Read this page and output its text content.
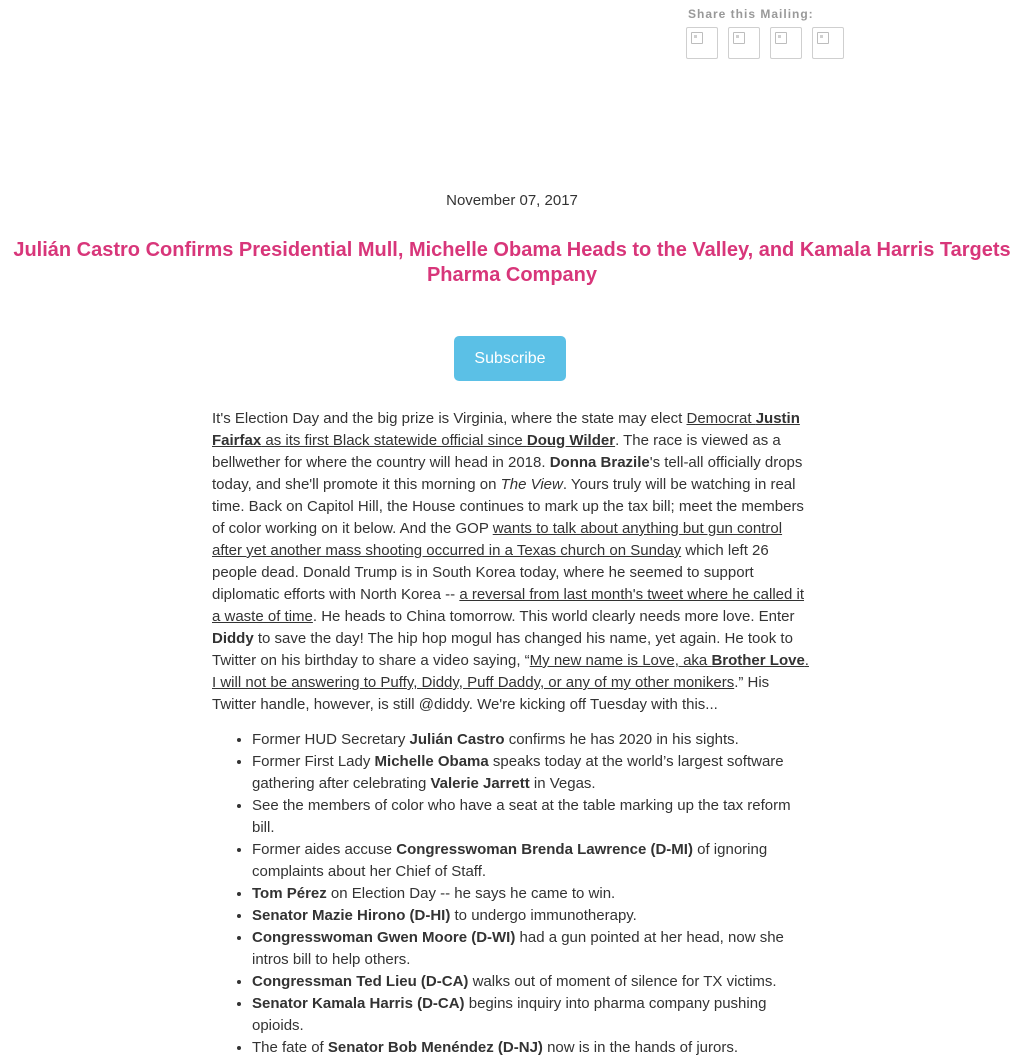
Share this Mailing:
November 07, 2017
Julián Castro Confirms Presidential Mull, Michelle Obama Heads to the Valley, and Kamala Harris Targets Pharma Company
Subscribe

It's Election Day and the big prize is Virginia, where the state may elect Democrat Justin Fairfax as its first Black statewide official since Doug Wilder. The race is viewed as a bellwether for where the country will head in 2018. Donna Brazile's tell-all officially drops today, and she'll promote it this morning on The View. Yours truly will be watching in real time. Back on Capitol Hill, the House continues to mark up the tax bill; meet the members of color working on it below. And the GOP wants to talk about anything but gun control after yet another mass shooting occurred in a Texas church on Sunday which left 26 people dead. Donald Trump is in South Korea today, where he seemed to support diplomatic efforts with North Korea -- a reversal from last month's tweet where he called it a waste of time. He heads to China tomorrow. This world clearly needs more love. Enter Diddy to save the day! The hip hop mogul has changed his name, yet again. He took to Twitter on his birthday to share a video saying, “My new name is Love, aka Brother Love. I will not be answering to Puffy, Diddy, Puff Daddy, or any of my other monikers.” His Twitter handle, however, is still @diddy. We're kicking off Tuesday with this...

• Former HUD Secretary Julián Castro confirms he has 2020 in his sights.
• Former First Lady Michelle Obama speaks today at the world’s largest software gathering after celebrating Valerie Jarrett in Vegas.
• See the members of color who have a seat at the table marking up the tax reform bill.
• Former aides accuse Congresswoman Brenda Lawrence (D-MI) of ignoring complaints about her Chief of Staff.
• Tom Pérez on Election Day -- he says he came to win.
• Senator Mazie Hirono (D-HI) to undergo immunotherapy.
• Congresswoman Gwen Moore (D-WI) had a gun pointed at her head, now she intros bill to help others.
• Congressman Ted Lieu (D-CA) walks out of moment of silence for TX victims.
• Senator Kamala Harris (D-CA) begins inquiry into pharma company pushing opioids.
• The fate of Senator Bob Menéndez (D-NJ) now is in the hands of jurors.
